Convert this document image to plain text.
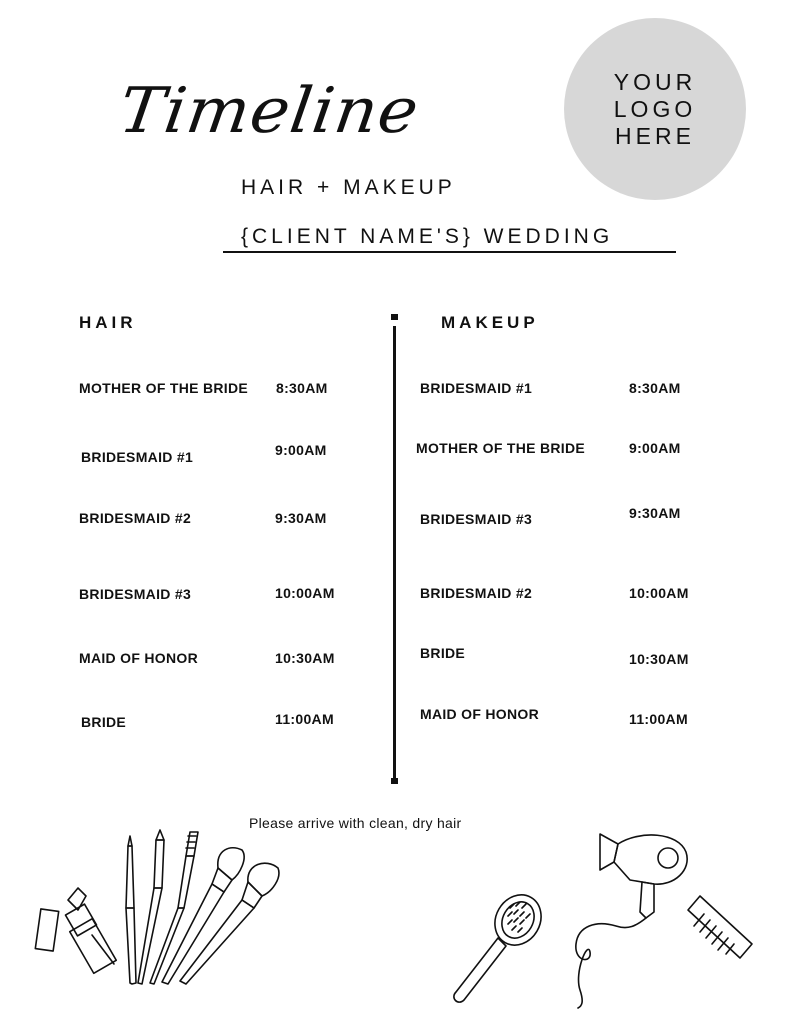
Timeline
HAIR + MAKEUP
{CLIENT NAME'S} WEDDING
YOUR LOGO HERE
HAIR	MAKEUP
MOTHER OF THE BRIDE 8:30AM
BRIDESMAID #1	9:00AM
BRIDESMAID #2	9:30AM
BRIDESMAID #3	10:00AM
MAID OF HONOR	10:30AM
BRIDE	11:00AM
BRIDESMAID #1	8:30AM
MOTHER OF THE BRIDE	9:00AM
BRIDESMAID #3	9:30AM
BRIDESMAID #2	10:00AM
BRIDE	10:30AM
MAID OF HONOR	11:00AM
Please arrive with clean, dry hair
